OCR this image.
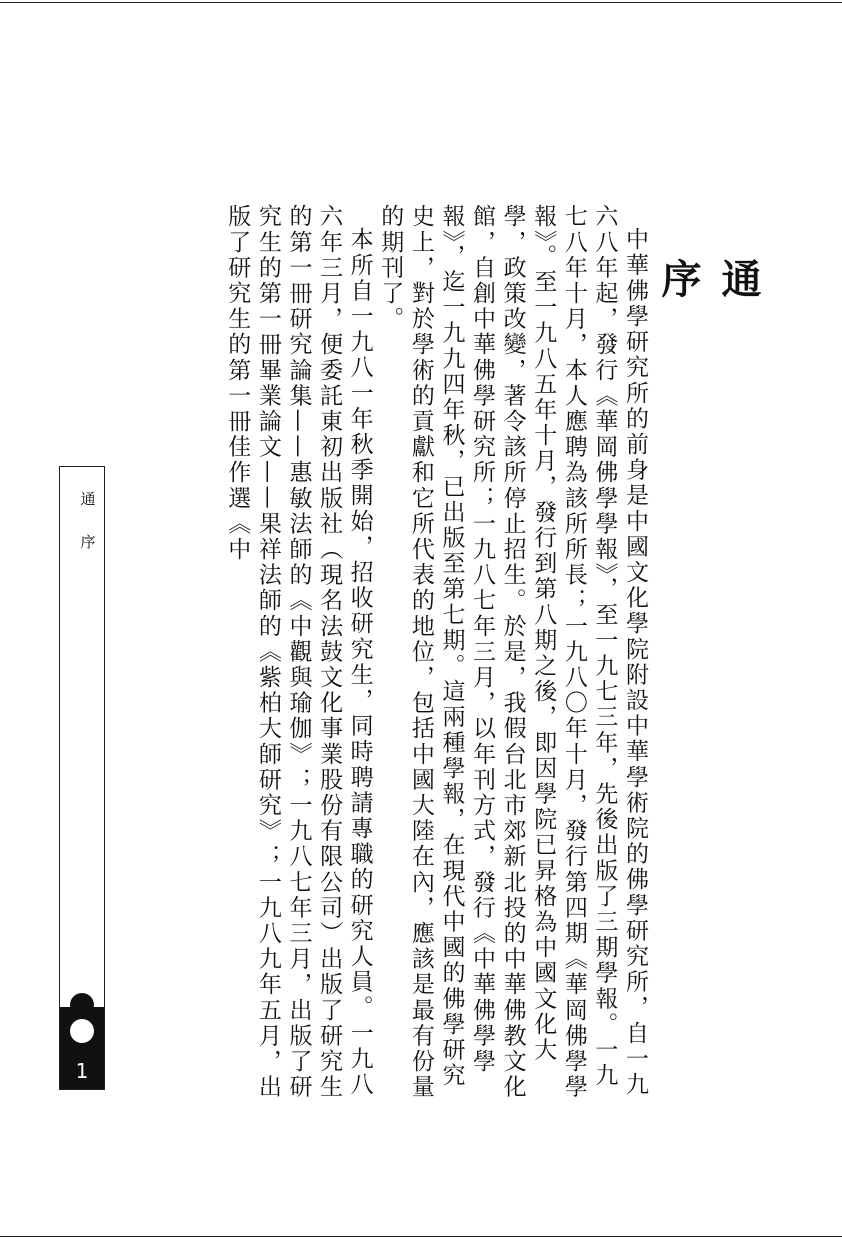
通序

中華佛學研究所的前身是中國文化學院附設中華學術院的佛學研究所，自一九六八年起，發行《華岡佛學學報》，至一九七三年，先後出版了三期學報。一九七八年十月，本人應聘為該所所長；一九八〇年十月，發行第四期《華岡佛學學報》。至一九八五年十月，發行到第八期之後，即因學院已昇格為中國文化大學，政策改變，著令該所停止招生。於是，我假台北市郊新北投的中華佛教文化館，自創中華佛學研究所；一九八七年三月，以年刊方式，發行《中華佛學學報》，迄一九九四年秋，已出版至第七期。這兩種學報，在現代中國的佛學研究史上，對於學術的貢獻和它所代表的地位，包括中國大陸在內，應該是最有份量的期刊了。

本所自一九八一年秋季開始，招收研究生，同時聘請專職的研究人員。一九八六年三月，便委託東初出版社（現名法鼓文化事業股份有限公司）出版了研究生的第一冊研究論集——惠敏法師的《中觀與瑜伽》；一九八七年三月，出版了研究生的第一冊畢業論文——果祥法師的《紫柏大師研究》；一九八九年五月，出版了研究生的第一冊佳作選《中

通序
1
